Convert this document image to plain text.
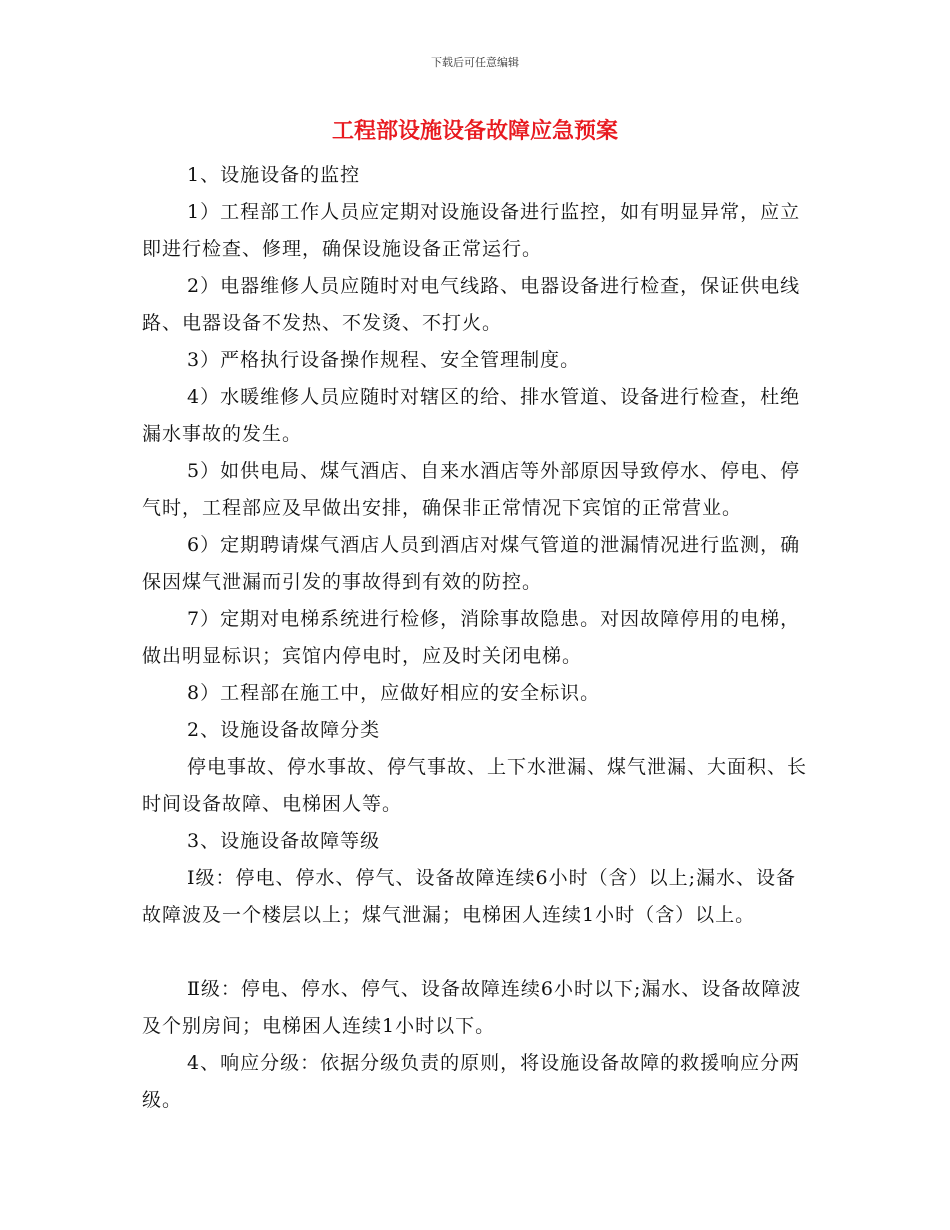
下载后可任意编辑
工程部设施设备故障应急预案

1、设施设备的监控

1）工程部工作人员应定期对设施设备进行监控，如有明显异常，应立即进行检查、修理，确保设施设备正常运行。

2）电器维修人员应随时对电气线路、电器设备进行检查，保证供电线路、电器设备不发热、不发烫、不打火。

3）严格执行设备操作规程、安全管理制度。

4）水暖维修人员应随时对辖区的给、排水管道、设备进行检查，杜绝漏水事故的发生。

5）如供电局、煤气酒店、自来水酒店等外部原因导致停水、停电、停气时，工程部应及早做出安排，确保非正常情况下宾馆的正常营业。

6）定期聘请煤气酒店人员到酒店对煤气管道的泄漏情况进行监测，确保因煤气泄漏而引发的事故得到有效的防控。

7）定期对电梯系统进行检修，消除事故隐患。对因故障停用的电梯，做出明显标识；宾馆内停电时，应及时关闭电梯。

8）工程部在施工中，应做好相应的安全标识。

2、设施设备故障分类

停电事故、停水事故、停气事故、上下水泄漏、煤气泄漏、大面积、长时间设备故障、电梯困人等。

3、设施设备故障等级

Ⅰ级：停电、停水、停气、设备故障连续6小时（含）以上;漏水、设备故障波及一个楼层以上；煤气泄漏；电梯困人连续1小时（含）以上。

Ⅱ级：停电、停水、停气、设备故障连续6小时以下;漏水、设备故障波及个别房间；电梯困人连续1小时以下。

4、响应分级：依据分级负责的原则，将设施设备故障的救援响应分两级。
